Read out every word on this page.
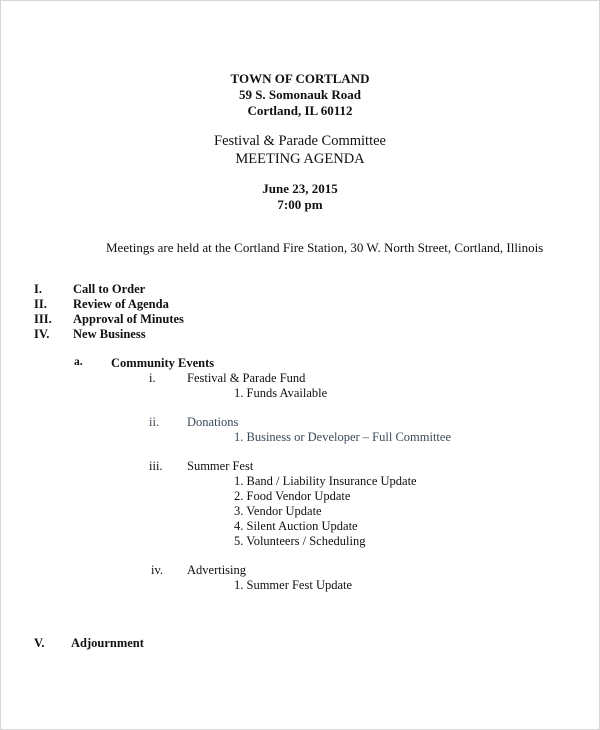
TOWN OF CORTLAND
59 S. Somonauk Road
Cortland, IL 60112
Festival & Parade Committee
MEETING AGENDA
June 23, 2015
7:00 pm
Meetings are held at the Cortland Fire Station, 30 W. North Street, Cortland, Illinois
I. Call to Order
II. Review of Agenda
III. Approval of Minutes
IV. New Business
a. Community Events
i.	Festival & Parade Fund
1. Funds Available
ii. Donations
1. Business or Developer – Full Committee
iii. Summer Fest
1. Band / Liability Insurance Update
2. Food Vendor Update
3. Vendor Update
4. Silent Auction Update
5. Volunteers / Scheduling
iv. Advertising
1. Summer Fest Update
V. Adjournment
